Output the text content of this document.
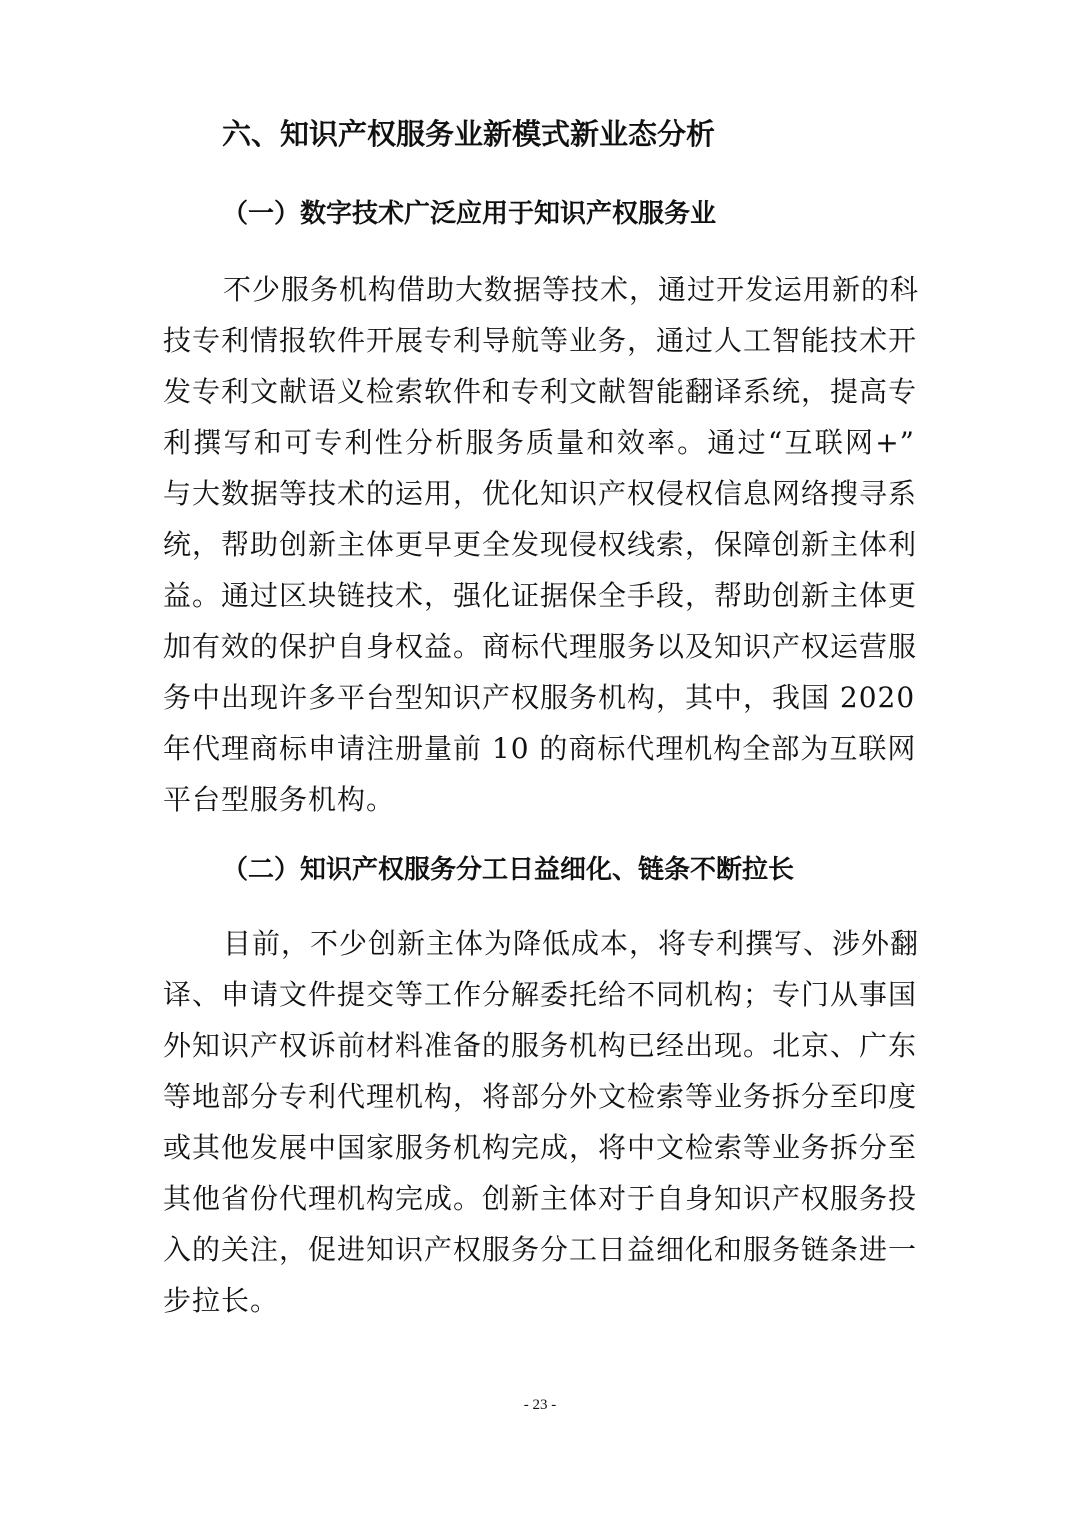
六、知识产权服务业新模式新业态分析
（一）数字技术广泛应用于知识产权服务业
不少服务机构借助大数据等技术，通过开发运用新的科
技专利情报软件开展专利导航等业务，通过人工智能技术开
发专利文献语义检索软件和专利文献智能翻译系统，提高专
利撰写和可专利性分析服务质量和效率。通过“互联网+”
与大数据等技术的运用，优化知识产权侵权信息网络搜寻系
统，帮助创新主体更早更全发现侵权线索，保障创新主体利
益。通过区块链技术，强化证据保全手段，帮助创新主体更
加有效的保护自身权益。商标代理服务以及知识产权运营服
务中出现许多平台型知识产权服务机构，其中，我国 2020
年代理商标申请注册量前 10 的商标代理机构全部为互联网
平台型服务机构。
（二）知识产权服务分工日益细化、链条不断拉长
目前，不少创新主体为降低成本，将专利撰写、涉外翻
译、申请文件提交等工作分解委托给不同机构；专门从事国
外知识产权诉前材料准备的服务机构已经出现。北京、广东
等地部分专利代理机构，将部分外文检索等业务拆分至印度
或其他发展中国家服务机构完成，将中文检索等业务拆分至
其他省份代理机构完成。创新主体对于自身知识产权服务投
入的关注，促进知识产权服务分工日益细化和服务链条进一
步拉长。
- 23 -
